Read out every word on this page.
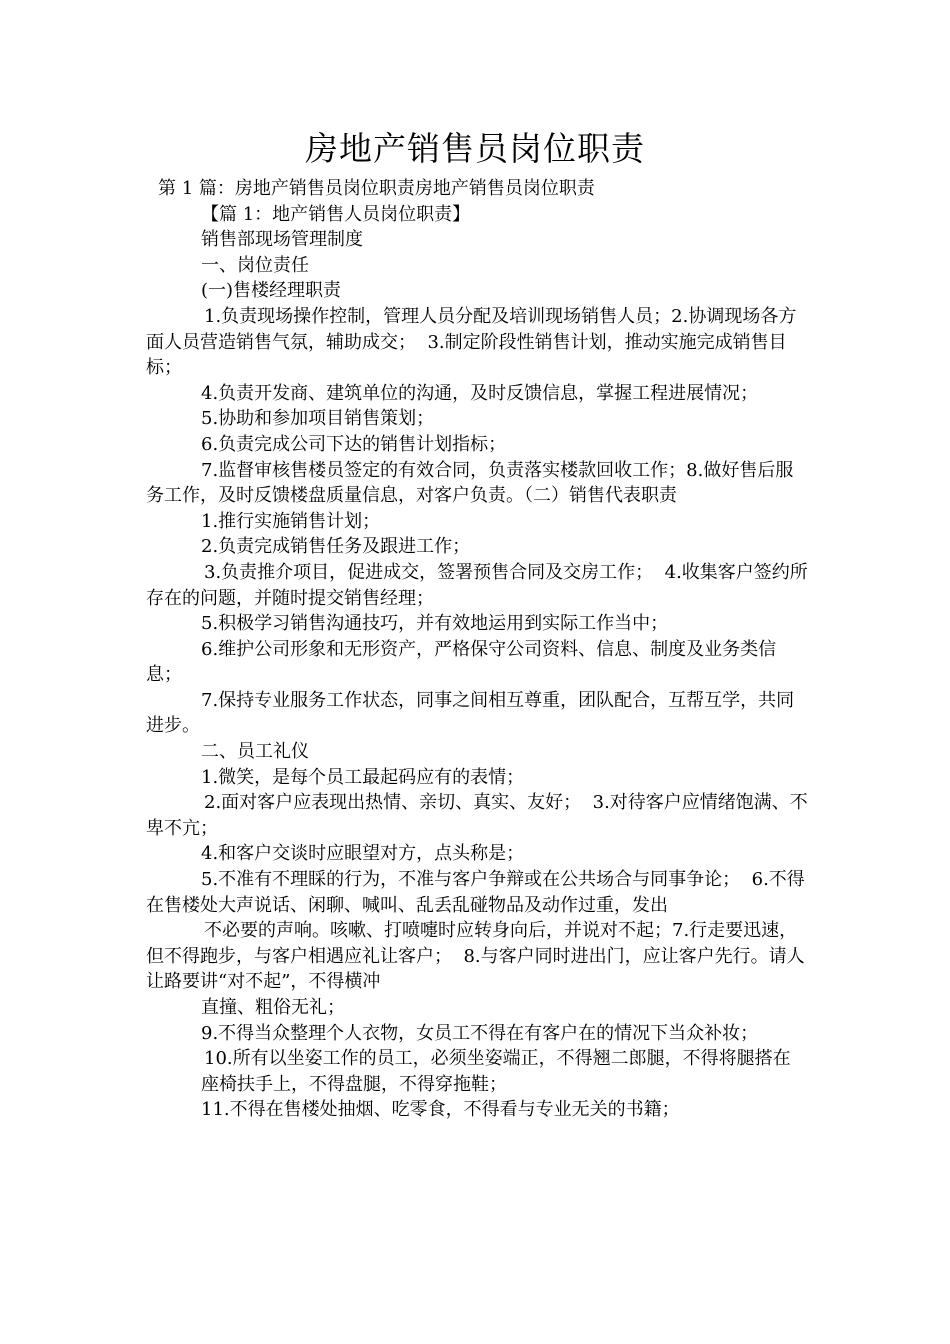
房地产销售员岗位职责

第 1 篇：房地产销售员岗位职责房地产销售员岗位职责

【篇 1：地产销售人员岗位职责】

销售部现场管理制度

一、岗位责任

(一)售楼经理职责

1.负责现场操作控制，管理人员分配及培训现场销售人员；2.协调现场各方面人员营造销售气氛，辅助成交；  3.制定阶段性销售计划，推动实施完成销售目标；

4.负责开发商、建筑单位的沟通，及时反馈信息，掌握工程进展情况；

5.协助和参加项目销售策划；

6.负责完成公司下达的销售计划指标；

7.监督审核售楼员签定的有效合同，负责落实楼款回收工作；8.做好售后服务工作，及时反馈楼盘质量信息，对客户负责。（二）销售代表职责

1.推行实施销售计划；

2.负责完成销售任务及跟进工作；

3.负责推介项目，促进成交，签署预售合同及交房工作；  4.收集客户签约所存在的问题，并随时提交销售经理；

5.积极学习销售沟通技巧，并有效地运用到实际工作当中；

6.维护公司形象和无形资产，严格保守公司资料、信息、制度及业务类信息；

7.保持专业服务工作状态，同事之间相互尊重，团队配合，互帮互学，共同进步。

二、员工礼仪

1.微笑，是每个员工最起码应有的表情；

2.面对客户应表现出热情、亲切、真实、友好；  3.对待客户应情绪饱满、不卑不亢；

4.和客户交谈时应眼望对方，点头称是；

5.不准有不理睬的行为，不准与客户争辩或在公共场合与同事争论；  6.不得在售楼处大声说话、闲聊、喊叫、乱丢乱碰物品及动作过重，发出

不必要的声响。咳嗽、打喷嚏时应转身向后，并说对不起；7.行走要迅速，但不得跑步，与客户相遇应礼让客户；  8.与客户同时进出门，应让客户先行。请人让路要讲“对不起”，不得横冲

直撞、粗俗无礼；

9.不得当众整理个人衣物，女员工不得在有客户在的情况下当众补妆；

10.所有以坐姿工作的员工，必须坐姿端正，不得翘二郎腿，不得将腿搭在

座椅扶手上，不得盘腿，不得穿拖鞋；

11.不得在售楼处抽烟、吃零食，不得看与专业无关的书籍；
